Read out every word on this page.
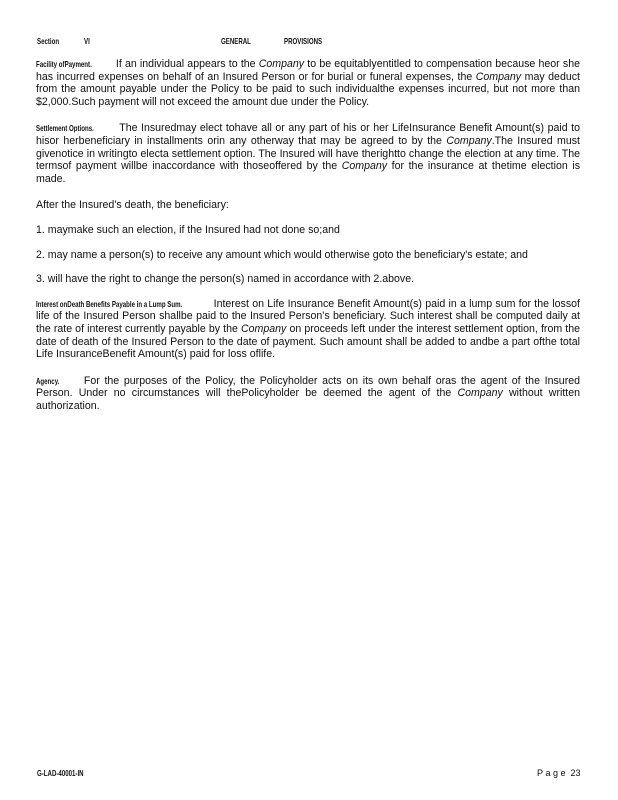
Section	VI	GENERAL	PROVISIONS

Facility ofPayment. If an individual appears to the Company to be equitablyentitled to compensation because heor she has incurred expenses on behalf of an Insured Person or for burial or funeral expenses, the Company may deduct from the amount payable under the Policy to be paid to such individualthe expenses incurred, but not more than $2,000.Such payment will not exceed the amount due under the Policy.

Settlement Options. The Insuredmay elect tohave all or any part of his or her LifeInsurance Benefit Amount(s) paid to hisor herbeneficiary in installments orin any otherway that may be agreed to by the Company.The Insured must givenotice in writingto electa settlement option. The Insured will have therightto change the election at any time. The termsof payment willbe inaccordance with thoseoffered by the Company for the insurance at thetime election is made.

After the Insured's death, the beneficiary:

1. maymake such an election, if the Insured had not done so;and

2. may name a person(s) to receive any amount which would otherwise goto the beneficiary's estate; and

3. will have the right to change the person(s) named in accordance with 2.above.

Interest onDeath Benefits Payable in a Lump Sum.	Interest on Life Insurance Benefit Amount(s) paid in a lump sum for the lossof life of the Insured Person shallbe paid to the Insured Person's beneficiary. Such interest shall be computed daily at the rate of interest currently payable by the Company on proceeds left under the interest settlement option, from the date of death of the Insured Person to the date of payment. Such amount shall be added to andbe a part ofthe total Life InsuranceBenefit Amount(s) paid for loss oflife.

Agency. For the purposes of the Policy, the Policyholder acts on its own behalf oras the agent of the Insured Person. Under no circumstances will thePolicyholder be deemed the agent of the Company without written authorization.

G-LAD-40001-IN	Page 23
